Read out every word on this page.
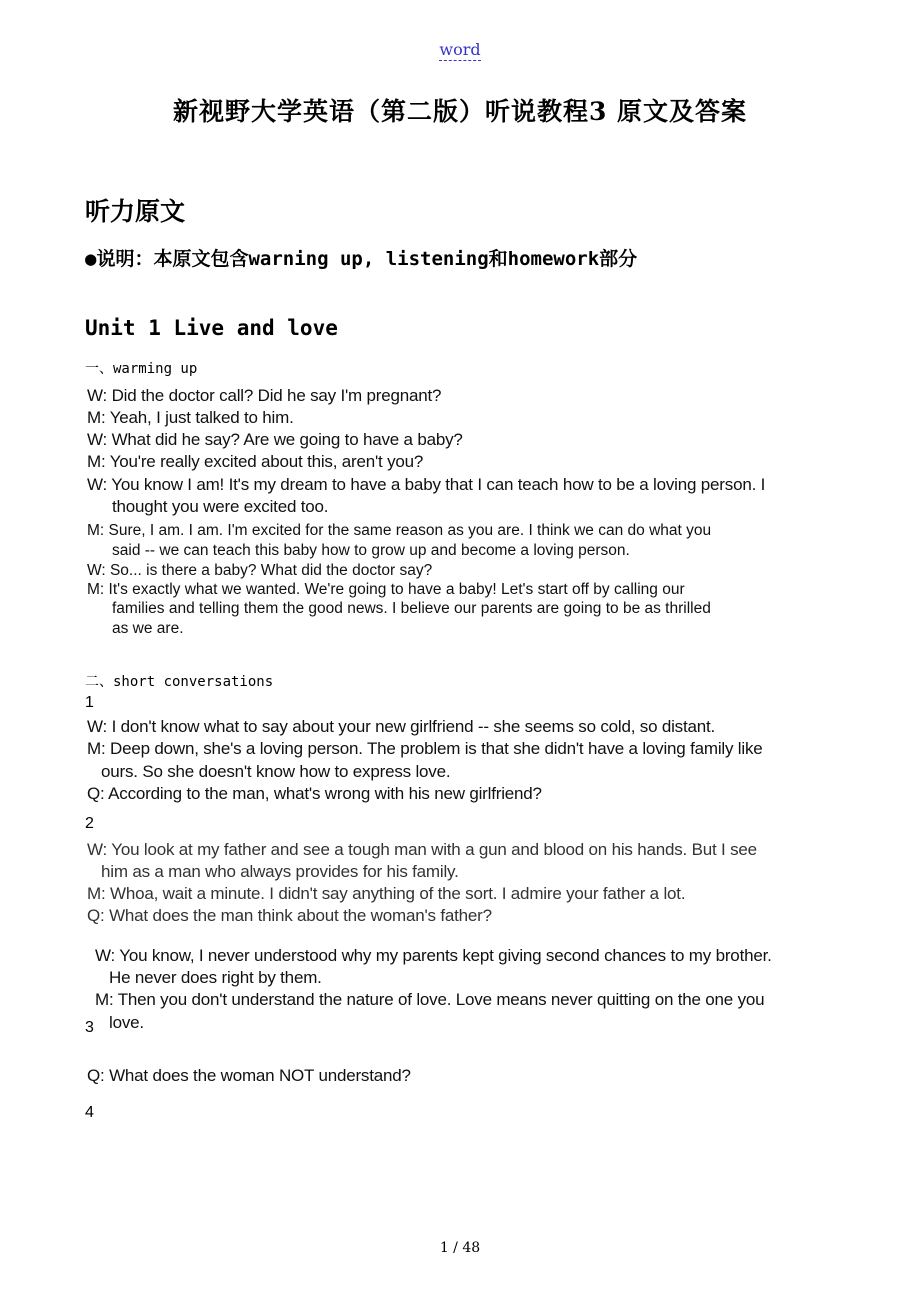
word
新视野大学英语（第二版）听说教程3 原文及答案
听力原文
●说明：本原文包含warning up, listening和homework部分
Unit 1 Live and love
一、warming up
W: Did the doctor call? Did he say I'm pregnant?
M: Yeah, I just talked to him.
W: What did he say? Are we going to have a baby?
M: You're really excited about this, aren't you?
W: You know I am! It's my dream to have a baby that I can teach how to be a loving person. I
thought you were excited too.
M: Sure, I am. I am. I'm excited for the same reason as you are. I think we can do what you
said -- we can teach this baby how to grow up and become a loving person.
W: So... is there a baby? What did the doctor say?
M: It's exactly what we wanted. We're going to have a baby! Let's start off by calling our
families and telling them the good news. I believe our parents are going to be as thrilled
as we are.
二、short conversations
1
W: I don't know what to say about your new girlfriend -- she seems so cold, so distant.
M: Deep down, she's a loving person. The problem is that she didn't have a loving family like
ours. So she doesn't know how to express love.
Q: According to the man, what's wrong with his new girlfriend?
2
W: You look at my father and see a tough man with a gun and blood on his hands. But I see
him as a man who always provides for his family.
M: Whoa, wait a minute. I didn't say anything of the sort. I admire your father a lot.
Q: What does the man think about the woman's father?
W: You know, I never understood why my parents kept giving second chances to my brother.
He never does right by them.
M: Then you don't understand the nature of love. Love means never quitting on the one you
3 love.
Q: What does the woman NOT understand?
4
1 / 48
